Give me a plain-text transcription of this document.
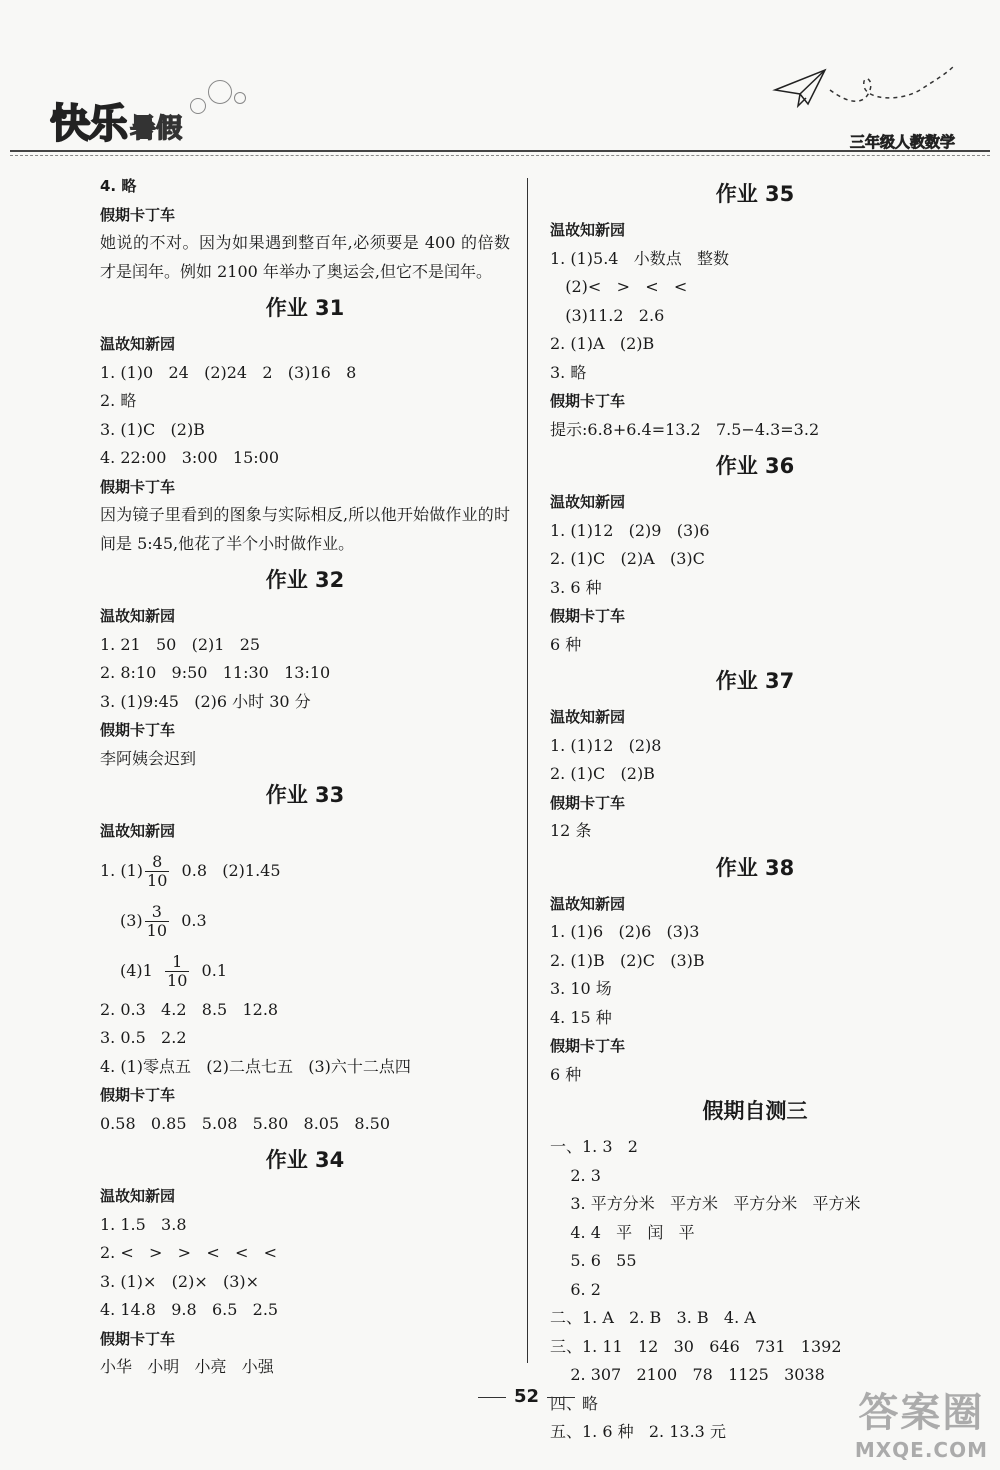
快乐 暑假	三年级人教数学
4. 略
假期卡丁车
她说的不对。因为如果遇到整百年,必须要是 400 的倍数才是闰年。例如 2100 年举办了奥运会,但它不是闰年。
作业 31
温故知新园
1. (1)0   24   (2)24   2   (3)16   8
2. 略
3. (1)C   (2)B
4. 22:00   3:00   15:00
假期卡丁车
因为镜子里看到的图象与实际相反,所以他开始做作业的时间是 5:45,他花了半个小时做作业。
作业 32
温故知新园
1. 21   50   (2)1   25
2. 8:10   9:50   11:30   13:10
3. (1)9:45   (2)6 小时 30 分
假期卡丁车
李阿姨会迟到
作业 33
温故知新园
1. $(1) \frac{8}{10} 0.8$   (2)1.45
$(3) \frac{3}{10} 0.3$
$(4)1 \frac{1}{10} 0.1$
2. 0.3   4.2   8.5   12.8
3. 0.5   2.2
4. (1)零点五   (2)二点七五   (3)六十二点四
假期卡丁车
0.58   0.85   5.08   5.80   8.05   8.50
作业 34
温故知新园
1. 1.5   3.8
2. <   >   >   <   <   <
3. (1)×   (2)×   (3)×
4. 14.8   9.8   6.5   2.5
假期卡丁车
小华   小明   小亮   小强
作业 35
温故知新园
1. (1)5.4   小数点   整数
(2)<   >   <   <
(3)11.2   2.6
2. (1)A   (2)B
3. 略
假期卡丁车
提示:6.8+6.4=13.2   7.5−4.3=3.2
作业 36
温故知新园
1. (1)12   (2)9   (3)6
2. (1)C   (2)A   (3)C
3. 6 种
假期卡丁车
6 种
作业 37
温故知新园
1. (1)12   (2)8
2. (1)C   (2)B
假期卡丁车
12 条
作业 38
温故知新园
1. (1)6   (2)6   (3)3
2. (1)B   (2)C   (3)B
3. 10 场
4. 15 种
假期卡丁车
6 种
假期自测三
一、1. 3   2
2. 3
3. 平方分米   平方米   平方分米   平方米
4. 4   平   闰   平
5. 6   55
6. 2
二、1. A   2. B   3. B   4. A
三、1. 11   12   30   646   731   1392
2. 307   2100   78   1125   3038
四、略
五、1. 6 种   2. 13.3 元
52	答案圈
MXQE.COM
